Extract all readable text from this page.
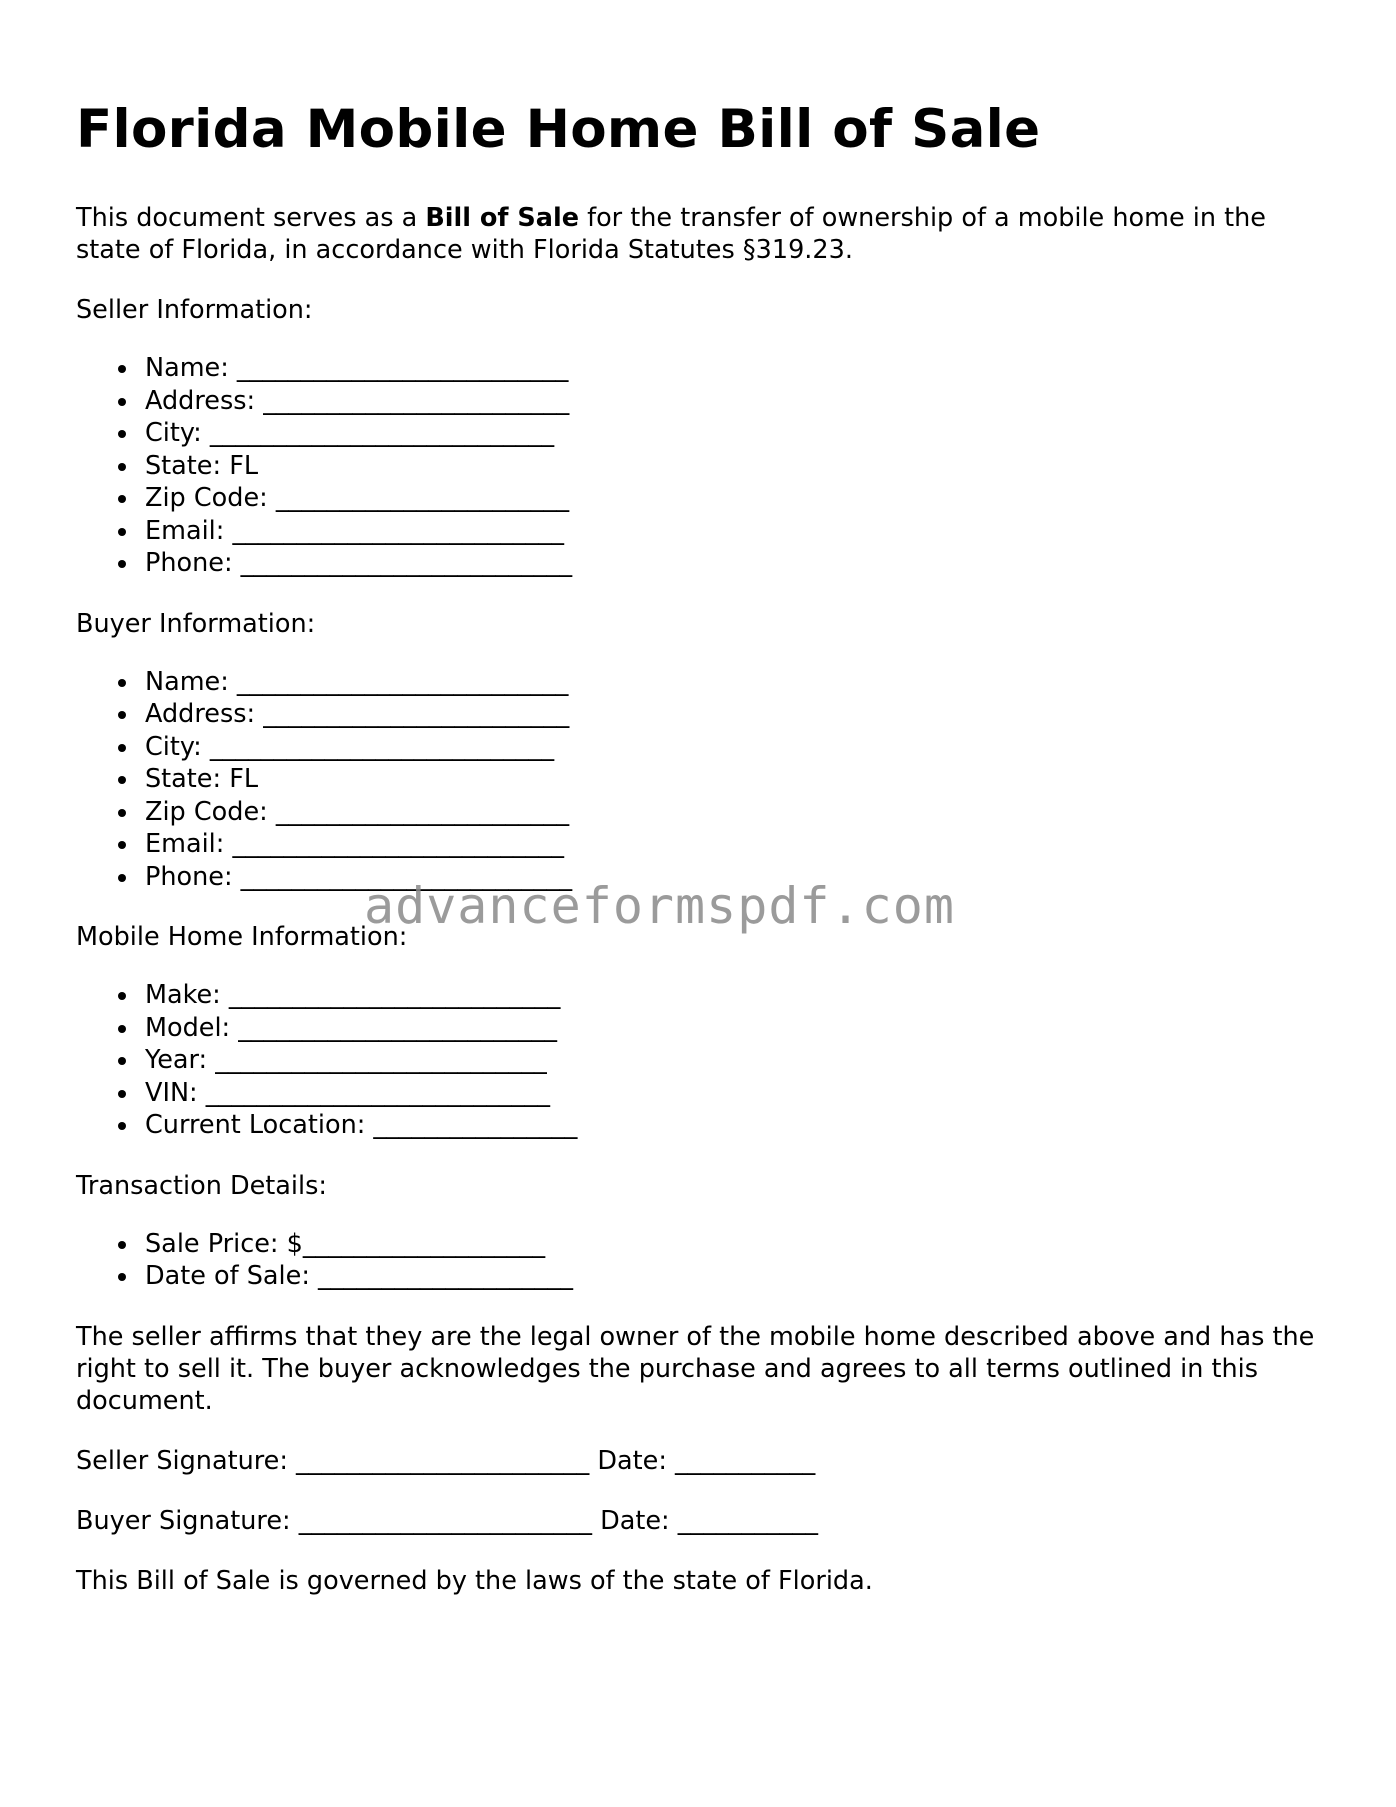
Florida Mobile Home Bill of Sale

This document serves as a Bill of Sale for the transfer of ownership of a mobile home in the state of Florida, in accordance with Florida Statutes §319.23.

Seller Information:

Name: __________________________
Address: ________________________
City: ___________________________
State: FL
Zip Code: _______________________
Email: __________________________
Phone: __________________________

Buyer Information:

Name: __________________________
Address: ________________________
City: ___________________________
State: FL
Zip Code: _______________________
Email: __________________________
Phone: __________________________

Mobile Home Information:

Make: __________________________
Model: _________________________
Year: __________________________
VIN: ___________________________
Current Location: ________________

Transaction Details:

Sale Price: $___________________
Date of Sale: ____________________

The seller affirms that they are the legal owner of the mobile home described above and has the right to sell it. The buyer acknowledges the purchase and agrees to all terms outlined in this document.

Seller Signature: _______________________ Date: ___________

Buyer Signature: _______________________ Date: ___________

This Bill of Sale is governed by the laws of the state of Florida.

advanceformspdf.com
